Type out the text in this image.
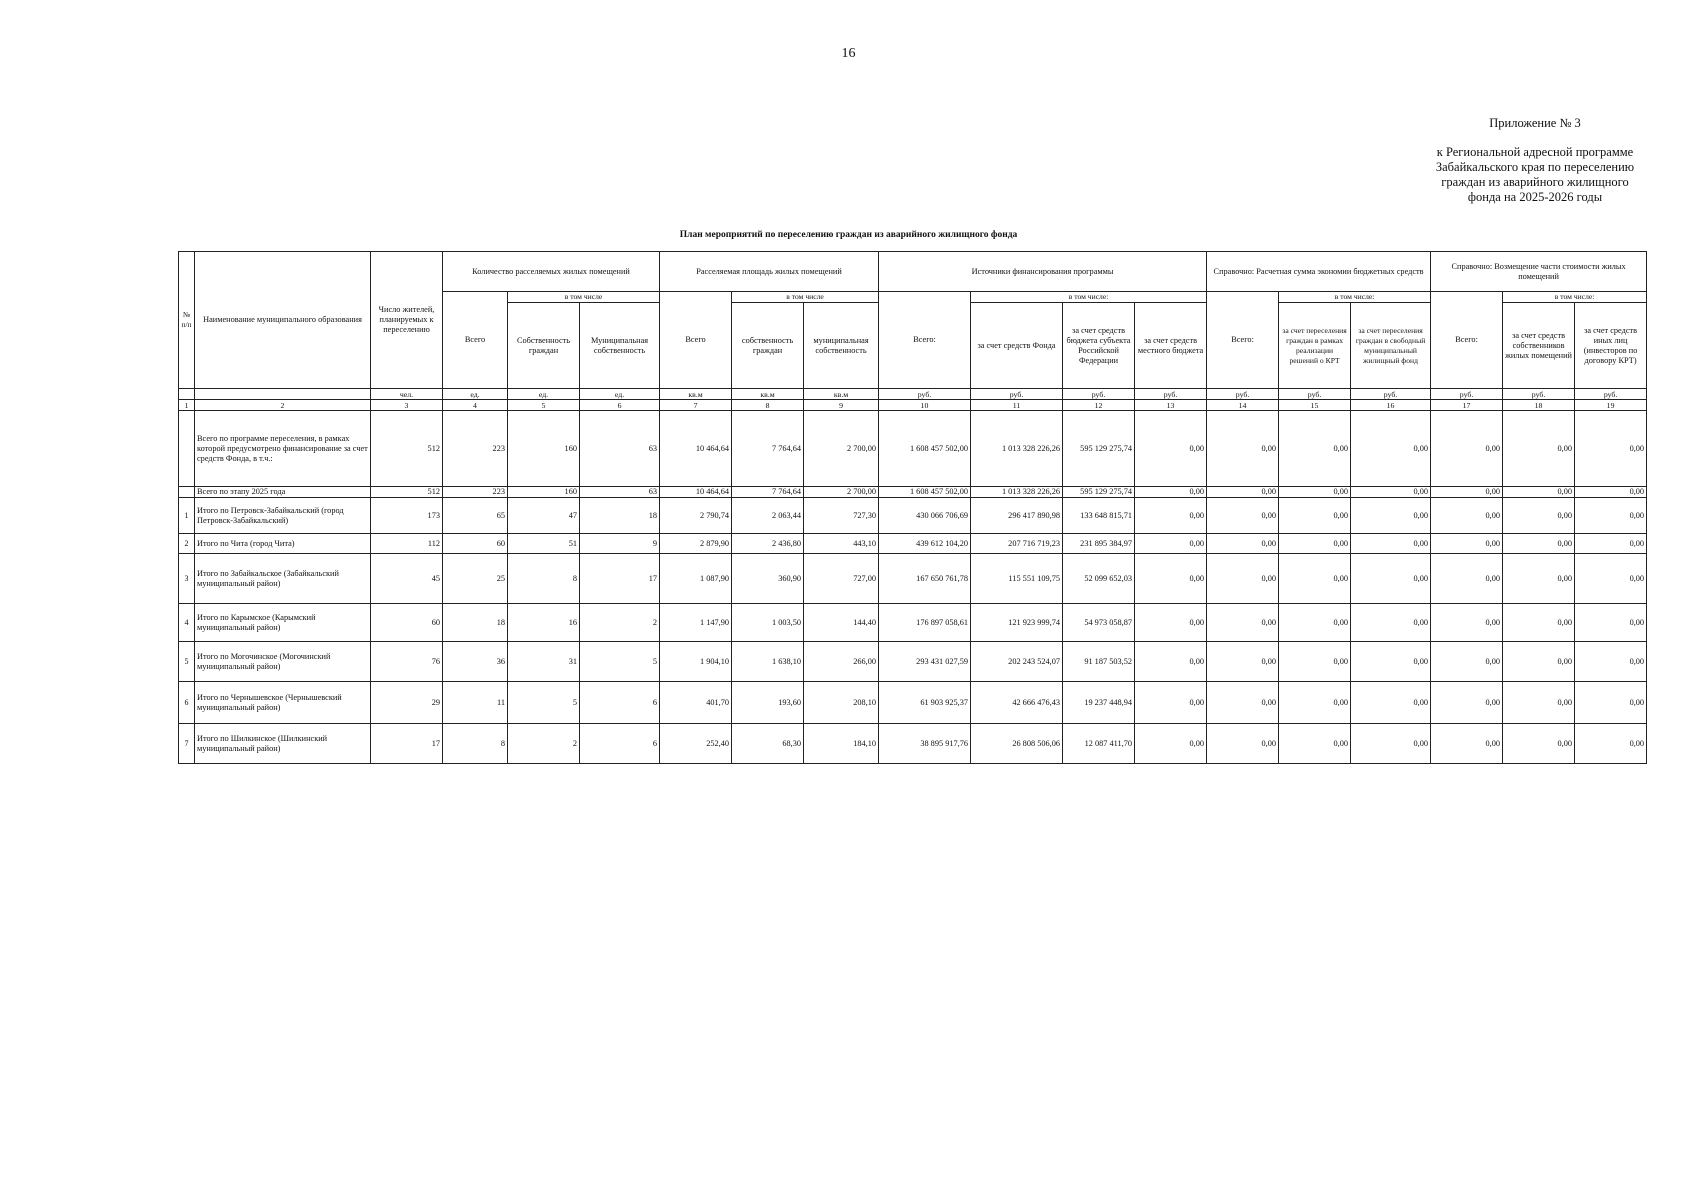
16
Приложение № 3
к Региональной адресной программе
Забайкальского края по переселению
граждан из аварийного жилищного
фонда на 2025-2026 годы
План мероприятий по переселению граждан из аварийного жилищного фонда
№ п/п	Наименование муниципального образования	Число жителей, планируемых к переселению	Количество расселяемых жилых помещений			Расселяемая площадь жилых помещений			Источники финансирования программы				Справочно: Расчетная сумма экономии бюджетных средств			Справочно: Возмещение части стоимости жилых помещений		
			Всего	в том числе		Всего	в том числе		Всего:	в том числе:			Всего:	в том числе:		Всего:	в том числе:	
				Собственность граждан	Муниципальная собственность		собственность граждан	муниципальная собственность		за счет средств Фонда	за счет средств бюджета субъекта Российской Федерации	за счет средств местного бюджета		за счет переселения граждан в рамках реализации решений о КРТ	за счет переселения граждан в свободный муниципальный жилищный фонд		за счет средств собственников жилых помещений	за счет средств иных лиц (инвесторов по договору КРТ)
		чел.	ед.	ед.	ед.	кв.м	кв.м	кв.м	руб.	руб.	руб.	руб.	руб.	руб.	руб.	руб.	руб.	руб.
1	2	3	4	5	6	7	8	9	10	11	12	13	14	15	16	17	18	19
	Всего по программе переселения, в рамках которой предусмотрено финансирование за счет средств Фонда, в т.ч.:	512	223	160	63	10 464,64	7 764,64	2 700,00	1 608 457 502,00	1 013 328 226,26	595 129 275,74	0,00	0,00	0,00	0,00	0,00	0,00	0,00
	Всего по этапу 2025 года	512	223	160	63	10 464,64	7 764,64	2 700,00	1 608 457 502,00	1 013 328 226,26	595 129 275,74	0,00	0,00	0,00	0,00	0,00	0,00	0,00
1	Итого по Петровск-Забайкальский (город Петровск-Забайкальский)	173	65	47	18	2 790,74	2 063,44	727,30	430 066 706,69	296 417 890,98	133 648 815,71	0,00	0,00	0,00	0,00	0,00	0,00	0,00
2	Итого по Чита (город Чита)	112	60	51	9	2 879,90	2 436,80	443,10	439 612 104,20	207 716 719,23	231 895 384,97	0,00	0,00	0,00	0,00	0,00	0,00	0,00
3	Итого по Забайкальское (Забайкальский муниципальный район)	45	25	8	17	1 087,90	360,90	727,00	167 650 761,78	115 551 109,75	52 099 652,03	0,00	0,00	0,00	0,00	0,00	0,00	0,00
4	Итого по Карымское (Карымский муниципальный район)	60	18	16	2	1 147,90	1 003,50	144,40	176 897 058,61	121 923 999,74	54 973 058,87	0,00	0,00	0,00	0,00	0,00	0,00	0,00
5	Итого по Могочинское (Могочинский муниципальный район)	76	36	31	5	1 904,10	1 638,10	266,00	293 431 027,59	202 243 524,07	91 187 503,52	0,00	0,00	0,00	0,00	0,00	0,00	0,00
6	Итого по Чернышевское (Чернышевский муниципальный район)	29	11	5	6	401,70	193,60	208,10	61 903 925,37	42 666 476,43	19 237 448,94	0,00	0,00	0,00	0,00	0,00	0,00	0,00
7	Итого по Шилкинское (Шилкинский муниципальный район)	17	8	2	6	252,40	68,30	184,10	38 895 917,76	26 808 506,06	12 087 411,70	0,00	0,00	0,00	0,00	0,00	0,00	0,00
